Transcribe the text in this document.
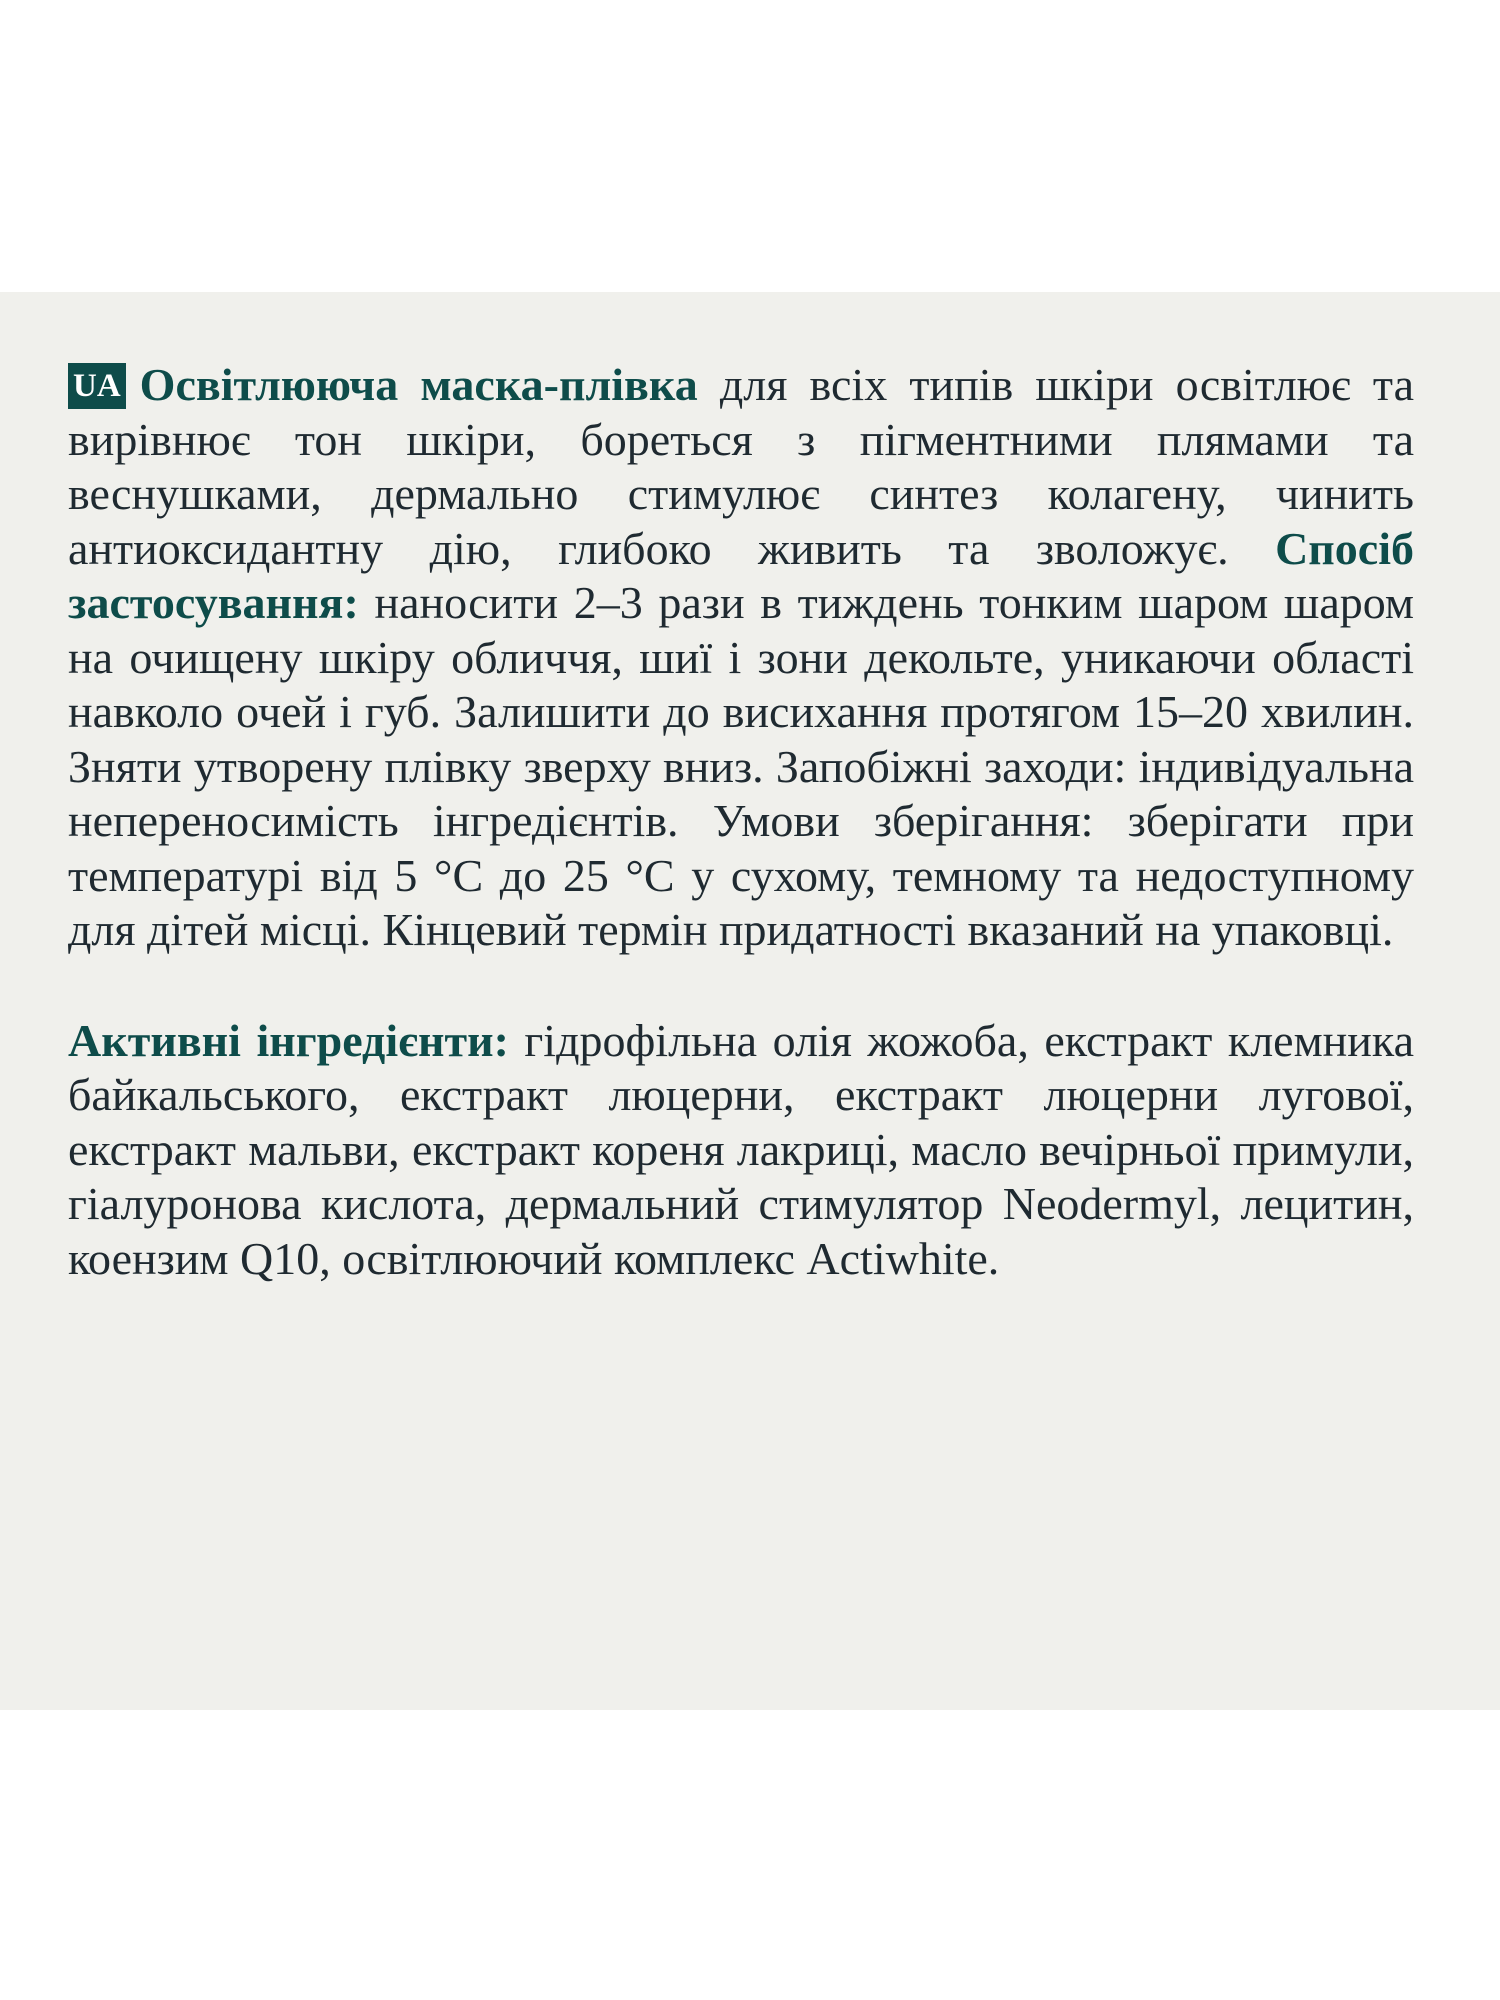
UA Освітлююча маска-плівка для всіх типів шкіри освітлює та вирівнює тон шкіри, бореться з пігментними плямами та веснушками, дермально стимулює синтез колагену, чинить антиоксидантну дію, глибоко живить та зволожує. Спосіб застосування: наносити 2–3 рази в тиждень тонким шаром шаром на очищену шкіру обличчя, шиї і зони декольте, уникаючи області навколо очей і губ. Залишити до висихання протягом 15–20 хвилин. Зняти утворену плівку зверху вниз. Запобіжні заходи: індивідуальна непереносимість інгредієнтів. Умови зберігання: зберігати при температурі від 5 °C до 25 °C у сухому, темному та недоступному для дітей місці. Кінцевий термін придатності вказаний на упаковці.

Активні інгредієнти: гідрофільна олія жожоба, екстракт клемника байкальського, екстракт люцерни, екстракт люцерни лугової, екстракт мальви, екстракт кореня лакриці, масло вечірньої примули, гіалуронова кислота, дермальний стимулятор Neodermyl, лецитин, коензим Q10, освітлюючий комплекс Actiwhite.
